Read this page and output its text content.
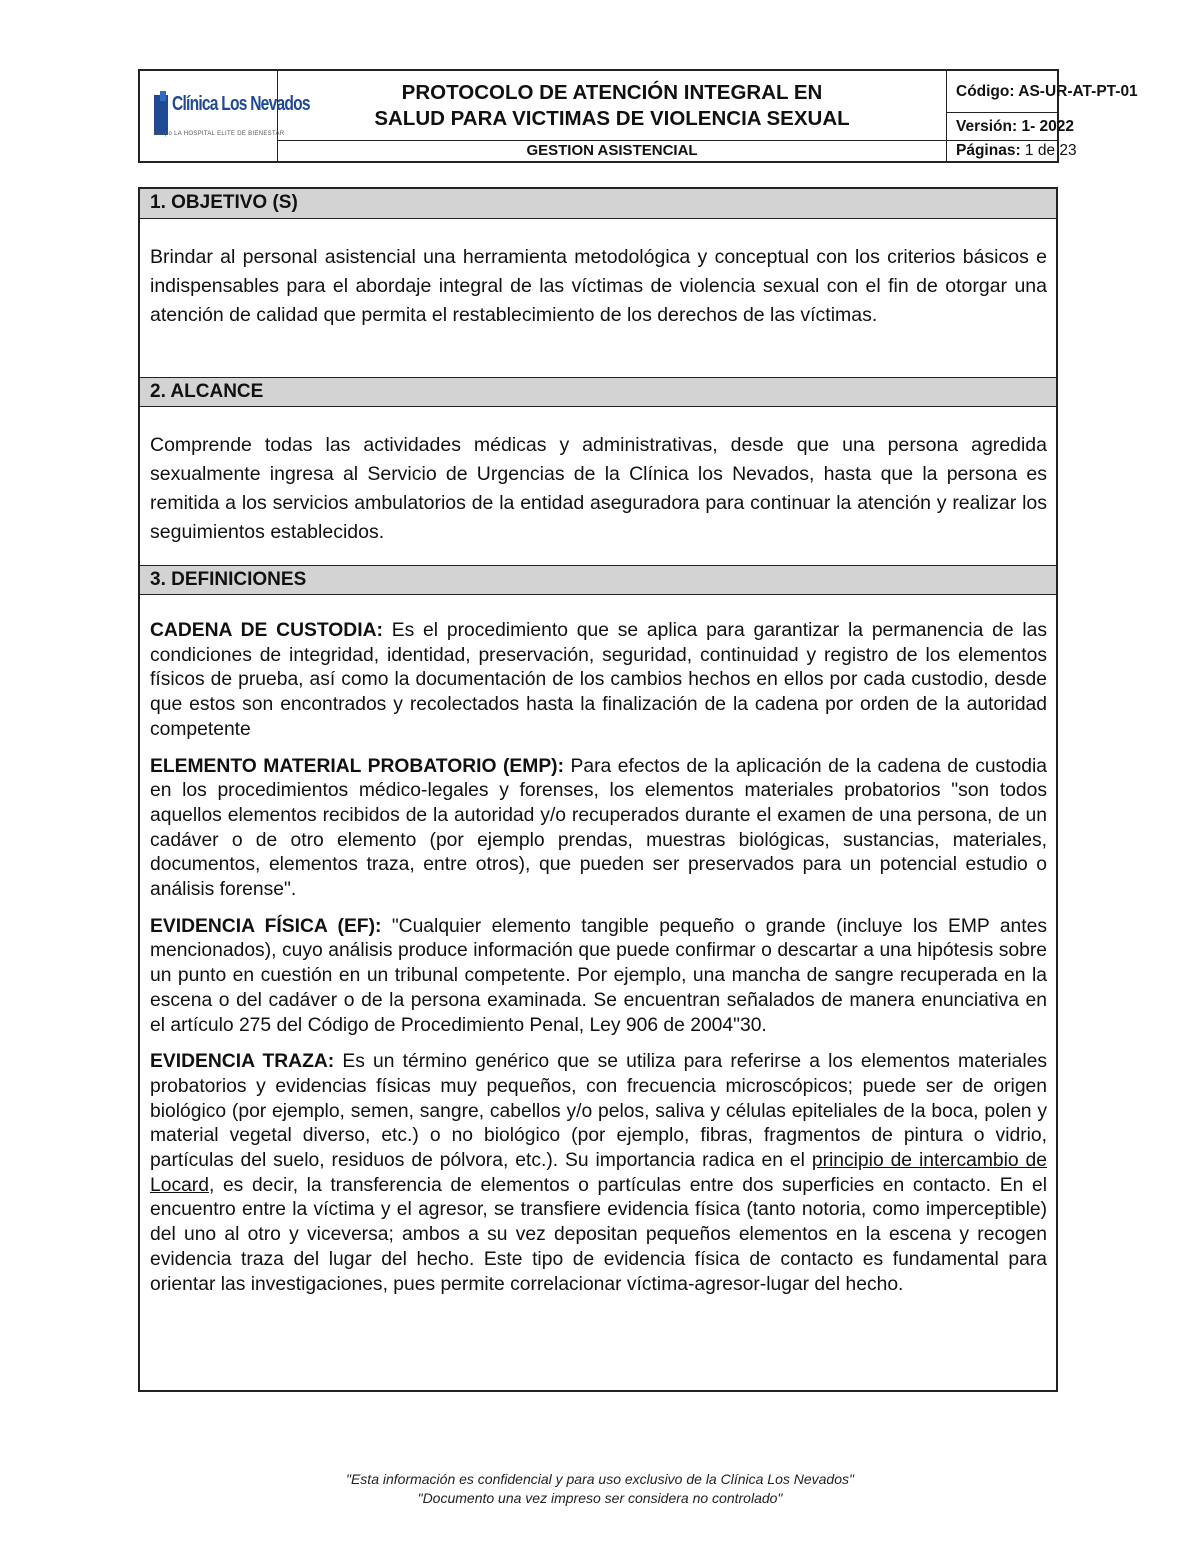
Clínica Los Nevados
Grupo LA HOSPITAL ELITE DE BIENESTAR
PROTOCOLO DE ATENCIÓN INTEGRAL EN
SALUD PARA VICTIMAS DE VIOLENCIA SEXUAL
GESTION ASISTENCIAL
Código: AS-UR-AT-PT-01
Versión: 1- 2022
Páginas: 1 de 23
1. OBJETIVO (S)

Brindar al personal asistencial una herramienta metodológica y conceptual con los criterios básicos e indispensables para el abordaje integral de las víctimas de violencia sexual con el fin de otorgar una atención de calidad que permita el restablecimiento de los derechos de las víctimas.

2. ALCANCE

Comprende todas las actividades médicas y administrativas, desde que una persona agredida sexualmente ingresa al Servicio de Urgencias de la Clínica los Nevados, hasta que la persona es remitida a los servicios ambulatorios de la entidad aseguradora para continuar la atención y realizar los seguimientos establecidos.

3. DEFINICIONES

CADENA DE CUSTODIA: Es el procedimiento que se aplica para garantizar la permanencia de las condiciones de integridad, identidad, preservación, seguridad, continuidad y registro de los elementos físicos de prueba, así como la documentación de los cambios hechos en ellos por cada custodio, desde que estos son encontrados y recolectados hasta la finalización de la cadena por orden de la autoridad competente

ELEMENTO MATERIAL PROBATORIO (EMP): Para efectos de la aplicación de la cadena de custodia en los procedimientos médico-legales y forenses, los elementos materiales probatorios "son todos aquellos elementos recibidos de la autoridad y/o recuperados durante el examen de una persona, de un cadáver o de otro elemento (por ejemplo prendas, muestras biológicas, sustancias, materiales, documentos, elementos traza, entre otros), que pueden ser preservados para un potencial estudio o análisis forense".

EVIDENCIA FÍSICA (EF): "Cualquier elemento tangible pequeño o grande (incluye los EMP antes mencionados), cuyo análisis produce información que puede confirmar o descartar a una hipótesis sobre un punto en cuestión en un tribunal competente. Por ejemplo, una mancha de sangre recuperada en la escena o del cadáver o de la persona examinada. Se encuentran señalados de manera enunciativa en el artículo 275 del Código de Procedimiento Penal, Ley 906 de 2004"30.

EVIDENCIA TRAZA: Es un término genérico que se utiliza para referirse a los elementos materiales probatorios y evidencias físicas muy pequeños, con frecuencia microscópicos; puede ser de origen biológico (por ejemplo, semen, sangre, cabellos y/o pelos, saliva y células epiteliales de la boca, polen y material vegetal diverso, etc.) o no biológico (por ejemplo, fibras, fragmentos de pintura o vidrio, partículas del suelo, residuos de pólvora, etc.). Su importancia radica en el principio de intercambio de Locard, es decir, la transferencia de elementos o partículas entre dos superficies en contacto. En el encuentro entre la víctima y el agresor, se transfiere evidencia física (tanto notoria, como imperceptible) del uno al otro y viceversa; ambos a su vez depositan pequeños elementos en la escena y recogen evidencia traza del lugar del hecho. Este tipo de evidencia física de contacto es fundamental para orientar las investigaciones, pues permite correlacionar víctima-agresor-lugar del hecho.

"Esta información es confidencial y para uso exclusivo de la Clínica Los Nevados"
"Documento una vez impreso ser considera no controlado"
